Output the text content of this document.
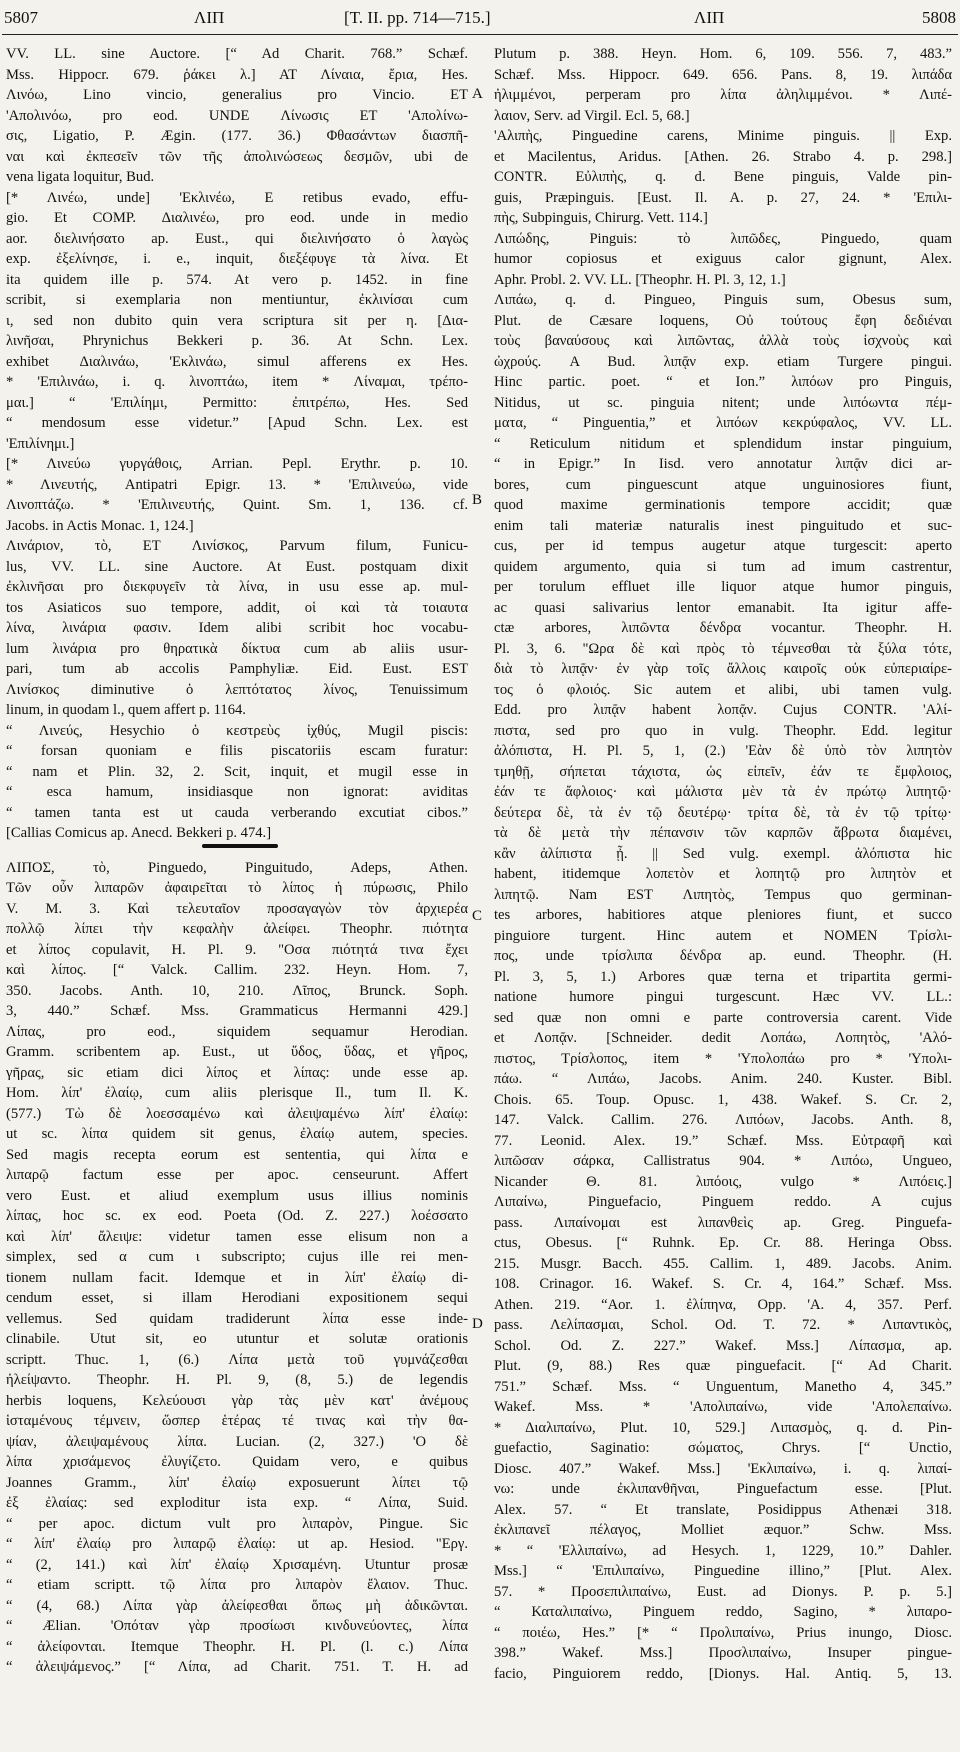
5807	ΛΙΠ	[T. II. pp. 714—715.]	ΛΙΠ	5808
VV. LL. sine Auctore. [“ Ad Charit. 768.” Schæf.
Mss. Hippocr. 679. ῥάκει λ.] ΑΤ Λίναια, ἔρια, Hes.
Λινόω, Lino vincio, generalius pro Vincio. ET
'Απολινόω, pro eod. UNDE Λίνωσις ET 'Απολίνω-
σις, Ligatio, P. Ægin. (177. 36.) Φθασάντων διασπῆ-
ναι καὶ ἐκπεσεῖν τῶν τῆς ἀπολινώσεως δεσμῶν, ubi de
vena ligata loquitur, Bud.
[* Λινέω, unde] 'Εκλινέω, E retibus evado, effu-
gio. Et COMP. Διαλινέω, pro eod. unde in medio
aor. διελινήσατο ap. Eust., qui διελινήσατο ὁ λαγὼς
exp. ἐξελίνησε, i. e., inquit, διεξέφυγε τὰ λίνα. Et
ita quidem ille p. 574. At vero p. 1452. in fine
scribit, si exemplaria non mentiuntur, ἐκλινίσαι cum
ι, sed non dubito quin vera scriptura sit per η. [Δια-
λινῆσαι, Phrynichus Bekkeri p. 36. At Schn. Lex.
exhibet Διαλινάω, 'Εκλινάω, simul afferens ex Hes.
* 'Επιλινάω, i. q. λινοπτάω, item * Λίναμαι, τρέπο-
μαι.] “ 'Επιλίημι, Permitto: ἐπιτρέπω, Hes. Sed
“ mendosum esse videtur.” [Apud Schn. Lex. est
'Επιλίνημι.]
[* Λινεύω γυργάθοις, Arrian. Pepl. Erythr. p. 10.
* Λινευτής, Antipatri Epigr. 13. * 'Επιλινεύω, vide
Λινοπτάζω. * 'Επιλινευτής, Quint. Sm. 1, 136. cf.
Jacobs. in Actis Monac. 1, 124.]
Λινάριον, τὸ, ET Λινίσκος, Parvum filum, Funicu-
lus, VV. LL. sine Auctore. At Eust. postquam dixit
ἐκλινῆσαι pro διεκφυγεῖν τὰ λίνα, in usu esse ap. mul-
tos Asiaticos suo tempore, addit, οἱ καὶ τὰ τοιαυτα
λίνα, λινάρια φασιν. Idem alibi scribit hoc vocabu-
lum λινάρια pro θηρατικὰ δίκτυα cum ab aliis usur-
pari, tum ab accolis Pamphyliæ. Eid. Eust. EST
Λινίσκος diminutive ὁ λεπτότατος λίνος, Tenuissimum
linum, in quodam l., quem affert p. 1164.
“ Λινεύς, Hesychio ὁ κεστρεὺς ἰχθύς, Mugil piscis:
“ forsan quoniam e filis piscatoriis escam furatur:
“ nam et Plin. 32, 2. Scit, inquit, et mugil esse in
“ esca hamum, insidiasque non ignorat: aviditas
“ tamen tanta est ut cauda verberando excutiat cibos.”
[Callias Comicus ap. Anecd. Bekkeri p. 474.]
ΛΙΠΟΣ, τὸ, Pinguedo, Pinguitudo, Adeps, Athen.
Τῶν οὖν λιπαρῶν ἀφαιρεῖται τὸ λίπος ἡ πύρωσις, Philo
V. M. 3. Καὶ τελευταῖον προσαγαγὼν τὸν ἀρχιερέα
πολλῷ λίπει τὴν κεφαλὴν ἀλείφει. Theophr. πιότητα
et λίπος copulavit, H. Pl. 9. "Οσα πιότητά τινα ἔχει
καὶ λίπος. [“ Valck. Callim. 232. Heyn. Hom. 7,
350. Jacobs. Anth. 10, 210. Λῖπος, Brunck. Soph.
3, 440.” Schæf. Mss. Grammaticus Hermanni 429.]
Λίπας, pro eod., siquidem sequamur Herodian.
Gramm. scribentem ap. Eust., ut ὕδος, ὕδας, et γῆρος,
γῆρας, sic etiam dici λίπος et λίπας: unde esse ap.
Hom. λίπ' ἐλαίῳ, cum aliis plerisque Il., tum Il. K.
(577.) Τὼ δὲ λοεσσαμένω καὶ ἀλειψαμένω λίπ' ἐλαίῳ:
ut sc. λίπα quidem sit genus, ἐλαίῳ autem, species.
Sed magis recepta eorum est sententia, qui λίπα e
λιπαρῷ factum esse per apoc. censeurunt. Affert
vero Eust. et aliud exemplum usus illius nominis
λίπας, hoc sc. ex eod. Poeta (Od. Z. 227.) λοέσσατο
καὶ λίπ' ἄλειψε: videtur tamen esse elisum non a
simplex, sed α cum ι subscripto; cujus ille rei men-
tionem nullam facit. Idemque et in λίπ' ἐλαίῳ di-
cendum esset, si illam Herodiani expositionem sequi
vellemus. Sed quidam tradiderunt λίπα esse inde-
clinabile. Utut sit, eo utuntur et solutæ orationis
scriptt. Thuc. 1, (6.) Λίπα μετὰ τοῦ γυμνάζεσθαι
ἠλείψαντο. Theophr. H. Pl. 9, (8, 5.) de legendis
herbis loquens, Κελεύουσι γὰρ τὰς μὲν κατ' ἀνέμους
ἱσταμένους τέμνειν, ὥσπερ ἑτέρας τέ τινας καὶ τὴν θα-
ψίαν, ἀλειψαμένους λίπα. Lucian. (2, 327.) 'Ο δὲ
λίπα χρισάμενος ἐλυγίζετο. Quidam vero, e quibus
Joannes Gramm., λίπ' ἐλαίῳ exposuerunt λίπει τῷ
ἐξ ἐλαίας: sed exploditur ista exp. “ Λίπα, Suid.
“ per apoc. dictum vult pro λιπαρὸν, Pingue. Sic
“ λίπ' ἐλαίῳ pro λιπαρῷ ἐλαίῳ: ut ap. Hesiod. "Εργ.
“ (2, 141.) καὶ λίπ' ἐλαίῳ Χρισαμένη. Utuntur prosæ
“ etiam scriptt. τῷ λίπα pro λιπαρὸν ἔλαιον. Thuc.
“ (4, 68.) Λίπα γὰρ ἀλείφεσθαι ὅπως μὴ ἀδικῶνται.
“ Ælian. 'Οπόταν γὰρ προσίωσι κινδυνεύοντες, λίπα
“ ἀλείφονται. Itemque Theophr. H. Pl. (l. c.) Λίπα
“ ἀλειψάμενος.” [“ Λίπα, ad Charit. 751. T. H. ad
Plutum p. 388. Heyn. Hom. 6, 109. 556. 7, 483.”
Schæf. Mss. Hippocr. 649. 656. Pans. 8, 19. λιπάδα
ἠλιμμένοι, perperam pro λίπα ἀληλιμμένοι. * Λιπέ-
λαιον, Serv. ad Virgil. Ecl. 5, 68.]
'Αλιπὴς, Pinguedine carens, Minime pinguis. || Exp.
et Macilentus, Aridus. [Athen. 26. Strabo 4. p. 298.]
CONTR. Εὐλιπὴς, q. d. Bene pinguis, Valde pin-
guis, Præpinguis. [Eust. Il. A. p. 27, 24. * 'Επιλι-
πὴς, Subpinguis, Chirurg. Vett. 114.]
Λιπώδης, Pinguis: τὸ λιπῶδες, Pinguedo, quam
humor copiosus et exiguus calor gignunt, Alex.
Aphr. Probl. 2. VV. LL. [Theophr. H. Pl. 3, 12, 1.]
Λιπάω, q. d. Pingueo, Pinguis sum, Obesus sum,
Plut. de Cæsare loquens, Οὐ τούτους ἔφη δεδιέναι
τοὺς βαναύσους καὶ λιπῶντας, ἀλλὰ τοὺς ἰσχνοὺς καὶ
ὠχρούς. A Bud. λιπᾷν exp. etiam Turgere pingui.
Hinc partic. poet. “ et Ion.” λιπόων pro Pinguis,
Nitidus, ut sc. pinguia nitent; unde λιπόωντα πέμ-
ματα, “ Pinguentia,” et λιπόων κεκρύφαλος, VV. LL.
“ Reticulum nitidum et splendidum instar pinguium,
“ in Epigr.” In Iisd. vero annotatur λιπᾷν dici ar-
bores, cum pinguescunt atque unguinosiores fiunt,
quod maxime germinationis tempore accidit; quæ
enim tali materiæ naturalis inest pinguitudo et suc-
cus, per id tempus augetur atque turgescit: aperto
quidem argumento, quia si tum ad imum castrentur,
per torulum effluet ille liquor atque humor pinguis,
ac quasi salivarius lentor emanabit. Ita igitur affe-
ctæ arbores, λιπῶντα δένδρα vocantur. Theophr. H.
Pl. 3, 6. "Ωρα δὲ καὶ πρὸς τὸ τέμνεσθαι τὰ ξύλα τότε,
διὰ τὸ λιπᾷν· ἐν γὰρ τοῖς ἄλλοις καιροῖς οὐκ εὐπεριαίρε-
τος ὁ φλοιός. Sic autem et alibi, ubi tamen vulg.
Edd. pro λιπᾷν habent λοπᾷν. Cujus CONTR. 'Αλί-
πιστα, sed pro quo in vulg. Theophr. Edd. legitur
ἀλόπιστα, H. Pl. 5, 1, (2.) 'Εὰν δὲ ὑπὸ τὸν λιπητὸν
τμηθῇ, σήπεται τάχιστα, ὡς εἰπεῖν, ἐάν τε ἔμφλοιος,
ἐάν τε ἄφλοιος· καὶ μάλιστα μὲν τὰ ἐν πρώτῳ λιπητῷ·
δεύτερα δὲ, τὰ ἐν τῷ δευτέρῳ· τρίτα δὲ, τὰ ἐν τῷ τρίτῳ·
τὰ δὲ μετὰ τὴν πέπανσιν τῶν καρπῶν ἄβρωτα διαμένει,
κἂν ἀλίπιστα ᾖ. || Sed vulg. exempl. ἀλόπιστα hic
habent, itidemque λοπετὸν et λοπητῷ pro λιπητὸν et
λιπητῷ. Nam EST Λιπητὸς, Tempus quo germinan-
tes arbores, habitiores atque pleniores fiunt, et succo
pinguiore turgent. Hinc autem et NOMEN Τρίσλι-
πος, unde τρίσλιπα δένδρα ap. eund. Theophr. (H.
Pl. 3, 5, 1.) Arbores quæ terna et tripartita germi-
natione humore pingui turgescunt. Hæc VV. LL.:
sed quæ non omni e parte controversia carent. Vide
et Λοπᾷν. [Schneider. dedit Λοπάω, Λοπητὸς, 'Αλό-
πιστος, Τρίσλοπος, item * 'Υπολοπάω pro * 'Υπολι-
πάω. “ Λιπάω, Jacobs. Anim. 240. Kuster. Bibl.
Chois. 65. Toup. Opusc. 1, 438. Wakef. S. Cr. 2,
147. Valck. Callim. 276. Λιπόων, Jacobs. Anth. 8,
77. Leonid. Alex. 19.” Schæf. Mss. Εὐτραφῆ καὶ
λιπῶσαν σάρκα, Callistratus 904. * Λιπόω, Ungueo,
Nicander Θ. 81. λιπόοις, vulgo * Λιπόεις.]
Λιπαίνω, Pinguefacio, Pinguem reddo. A cujus
pass. Λιπαίνομαι est λιπανθεὶς ap. Greg. Pinguefa-
ctus, Obesus. [“ Ruhnk. Ep. Cr. 88. Heringa Obss.
215. Musgr. Bacch. 455. Callim. 1, 489. Jacobs. Anim.
108. Crinagor. 16. Wakef. S. Cr. 4, 164.” Schæf. Mss.
Athen. 219. “Aor. 1. ἐλίπηνα, Opp. 'A. 4, 357. Perf.
pass. Λελίπασμαι, Schol. Od. T. 72. * Λιπαντικὸς,
Schol. Od. Z. 227.” Wakef. Mss.] Λίπασμα, ap.
Plut. (9, 88.) Res quæ pinguefacit. [“ Ad Charit.
751.” Schæf. Mss. “ Unguentum, Manetho 4, 345.”
Wakef. Mss. * 'Απολιπαίνω, vide 'Απολεπαίνω.
* Διαλιπαίνω, Plut. 10, 529.] Λιπασμὸς, q. d. Pin-
guefactio, Saginatio: σώματος, Chrys. [“ Unctio,
Diosc. 407.” Wakef. Mss.] 'Εκλιπαίνω, i. q. λιπαί-
νω: unde ἐκλιπανθῆναι, Pinguefactum esse. [Plut.
Alex. 57. “ Et translate, Posidippus Athenæi 318.
ἐκλιπανεῖ πέλαγος, Molliet æquor.” Schw. Mss.
* “ 'Ελλιπαίνω, ad Hesych. 1, 1229, 10.” Dahler.
Mss.] “ 'Επιλιπαίνω, Pinguedine illino,” [Plut. Alex.
57. * Προσεπιλιπαίνω, Eust. ad Dionys. P. p. 5.]
“ Καταλιπαίνω, Pinguem reddo, Sagino, * λιπαρο-
“ ποιέω, Hes.” [* “ Προλιπαίνω, Prius inungo, Diosc.
398.” Wakef. Mss.] Προσλιπαίνω, Insuper pingue-
facio, Pinguiorem reddo, [Dionys. Hal. Antiq. 5, 13.
A
B
C
D
